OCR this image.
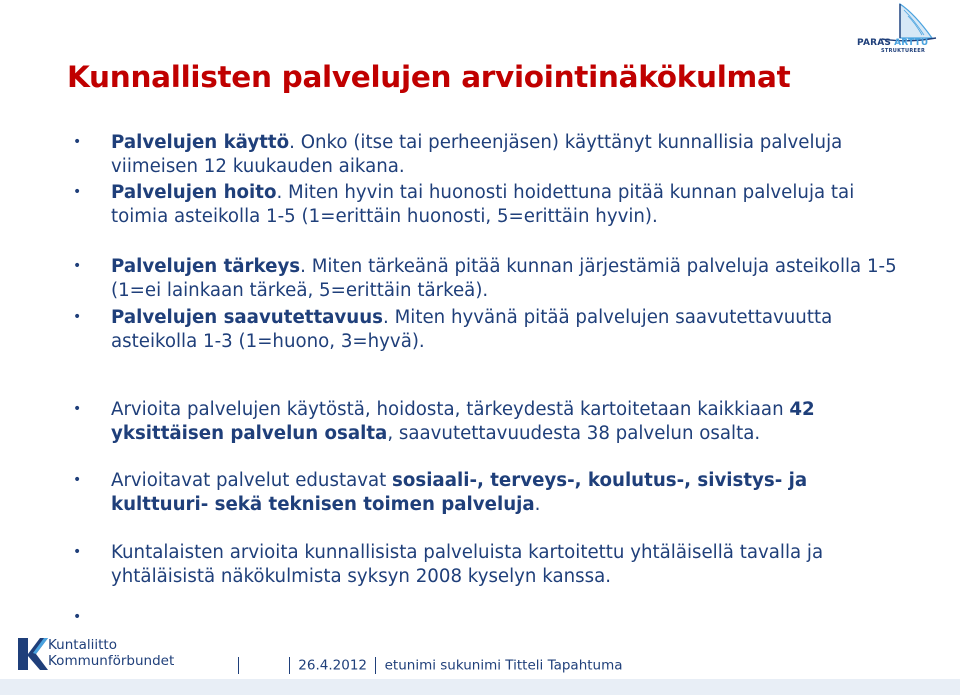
PARAS ARTTU
STRUKTUREER
Kunnallisten palvelujen arviointinäkökulmat
• Palvelujen käyttö. Onko (itse tai perheenjäsen) käyttänyt kunnallisia palveluja viimeisen 12 kuukauden aikana.
• Palvelujen hoito. Miten hyvin tai huonosti hoidettuna pitää kunnan palveluja tai toimia asteikolla 1-5 (1=erittäin huonosti, 5=erittäin hyvin).
• Palvelujen tärkeys. Miten tärkeänä pitää kunnan järjestämiä palveluja asteikolla 1-5 (1=ei lainkaan tärkeä, 5=erittäin tärkeä).
• Palvelujen saavutettavuus. Miten hyvänä pitää palvelujen saavutettavuutta asteikolla 1-3 (1=huono, 3=hyvä).
• Arvioita palvelujen käytöstä, hoidosta, tärkeydestä kartoitetaan kaikkiaan 42 yksittäisen palvelun osalta, saavutettavuudesta 38 palvelun osalta.
• Arvioitavat palvelut edustavat sosiaali-, terveys-, koulutus-, sivistys- ja kulttuuri- sekä teknisen toimen palveluja.
• Kuntalaisten arvioita kunnallisista palveluista kartoitettu yhtäläisellä tavalla ja yhtäläisistä näkökulmista syksyn 2008 kyselyn kanssa.
•
Kuntaliitto
Kommunförbundet	26.4.2012 etunimi sukunimi Titteli Tapahtuma
